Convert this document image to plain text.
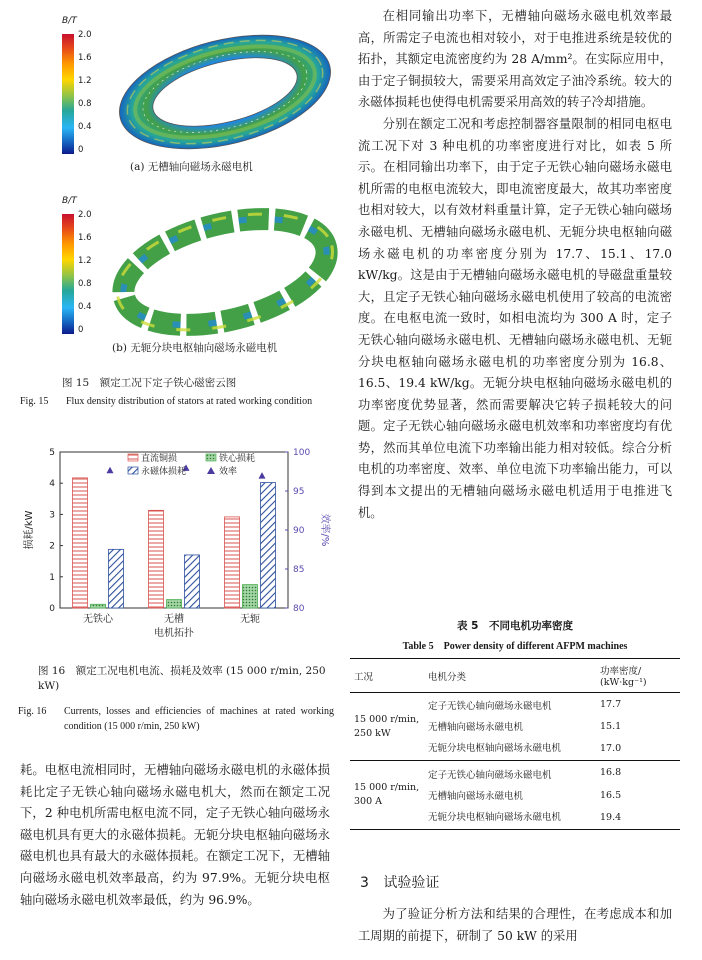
B/T
2.0
1.6
1.2
0.8
0.4
0
(a) 无槽轴向磁场永磁电机
B/T
2.0
1.6
1.2
0.8
0.4
0
(b) 无轭分块电枢轴向磁场永磁电机
图 15　额定工况下定子铁心磁密云图
Fig. 15	Flux density distribution of stators at rated working condition
0
1
2
3
4
5
80
85
90
95
100
损耗/kW	效率/%
无铁心	无槽	无轭
电机拓扑
直流铜损	铁心损耗
永磁体损耗	效率
图 16　额定工况电机电流、损耗及效率 (15 000 r/min, 250 kW)
Fig. 16	Currents, losses and efficiencies of machines at rated working condition (15 000 r/min, 250 kW)

耗。电枢电流相同时，无槽轴向磁场永磁电机的永磁体损耗比定子无铁心轴向磁场永磁电机大，然而在额定工况下，2 种电机所需电枢电流不同，定子无铁心轴向磁场永磁电机具有更大的永磁体损耗。无轭分块电枢轴向磁场永磁电机也具有最大的永磁体损耗。在额定工况下，无槽轴向磁场永磁电机效率最高，约为 97.9%。无轭分块电枢轴向磁场永磁电机效率最低，约为 96.9%。

在相同输出功率下，无槽轴向磁场永磁电机效率最高，所需定子电流也相对较小，对于电推进系统是较优的拓扑，其额定电流密度约为 28 A/mm²。在实际应用中，由于定子铜损较大，需要采用高效定子油冷系统。较大的永磁体损耗也使得电机需要采用高效的转子冷却措施。

分别在额定工况和考虑控制器容量限制的相同电枢电流工况下对 3 种电机的功率密度进行对比，如表 5 所示。在相同输出功率下，由于定子无铁心轴向磁场永磁电机所需的电枢电流较大，即电流密度最大，故其功率密度也相对较大，以有效材料重量计算，定子无铁心轴向磁场永磁电机、无槽轴向磁场永磁电机、无轭分块电枢轴向磁场永磁电机的功率密度分别为 17.7、15.1、17.0 kW/kg。这是由于无槽轴向磁场永磁电机的导磁盘重量较大，且定子无铁心轴向磁场永磁电机使用了较高的电流密度。在电枢电流一致时，如相电流均为 300 A 时，定子无铁心轴向磁场永磁电机、无槽轴向磁场永磁电机、无轭分块电枢轴向磁场永磁电机的功率密度分别为 16.8、16.5、19.4 kW/kg。无轭分块电枢轴向磁场永磁电机的功率密度优势显著，然而需要解决它转子损耗较大的问题。定子无铁心轴向磁场永磁电机效率和功率密度均有优势，然而其单位电流下功率输出能力相对较低。综合分析电机的功率密度、效率、单位电流下功率输出能力，可以得到本文提出的无槽轴向磁场永磁电机适用于电推进飞机。

表 5　不同电机功率密度
Table 5　Power density of different AFPM machines
工况	电机分类	功率密度/
(kW·kg⁻¹)

15 000 r/min,
250 kW	定子无铁心轴向磁场永磁电机	17.7
	无槽轴向磁场永磁电机	15.1
	无轭分块电枢轴向磁场永磁电机	17.0

15 000 r/min,
300 A	定子无铁心轴向磁场永磁电机	16.8
	无槽轴向磁场永磁电机	16.5
	无轭分块电枢轴向磁场永磁电机	19.4
3 试验验证

为了验证分析方法和结果的合理性，在考虑成本和加工周期的前提下，研制了 50 kW 的采用
